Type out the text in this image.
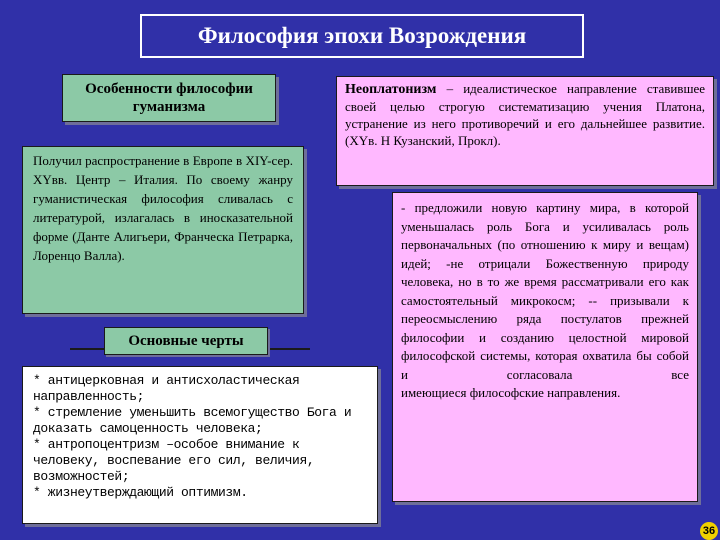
Философия эпохи Возрождения
Особенности философии гуманизма

Получил распространение в Европе в XIY-сер. XYвв. Центр – Италия. По своему жанру гуманистическая философия сливалась с литературой, излагалась в иносказательной форме (Данте Алигьери, Франческа Петрарка,

Лоренцо Валла).

Основные черты
* антицерковная и антисхоластическая направленность;
* стремление уменьшить всемогущество Бога и доказать самоценность человека;
* антропоцентризм –особое внимание к человеку, воспевание его сил, величия, возможностей;
* жизнеутверждающий оптимизм.
Неоплатонизм – идеалистическое направление ставившее своей целью строгую систематизацию учения Платона, устранение из него противоречий и его дальнейшее развитие. (XYв. Н Кузанский, Прокл).

- предложили новую картину мира, в которой уменьшалась роль Бога и усиливалась роль первоначальных (по отношению к миру и вещам) идей; -не отрицали Божественную природу человека, но в то же время рассматривали его как самостоятельный микрокосм; -- призывали к переосмыслению ряда постулатов прежней философии и созданию целостной мировой философской системы, которая охватила бы собой и согласовала все

имеющиеся философские направления.

36
